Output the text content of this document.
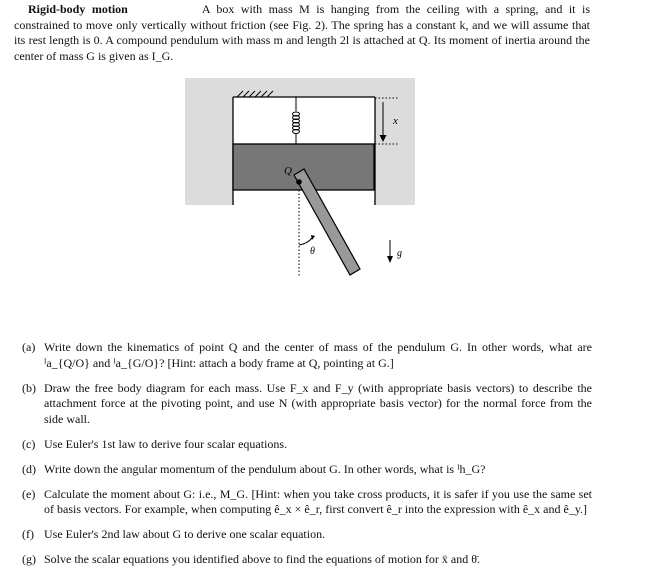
Rigid-body motion	A box with mass M is hanging from the ceiling with a spring, and it is constrained to move only vertically without friction (see Fig. 2). The spring has a constant k, and we will assume that its rest length is 0. A compound pendulum with mass m and length 2l is attached at Q. Its moment of inertia around the center of mass G is given as I_G.
x
Q
θ	g
(a) Write down the kinematics of point Q and the center of mass of the pendulum G. In other words, what are ᴵa_{Q/O} and ᴵa_{G/O}? [Hint: attach a body frame at Q, pointing at G.]
(b) Draw the free body diagram for each mass. Use F_x and F_y (with appropriate basis vectors) to describe the attachment force at the pivoting point, and use N (with appropriate basis vector) for the normal force from the side wall.
(c) Use Euler's 1st law to derive four scalar equations.
(d) Write down the angular momentum of the pendulum about G. In other words, what is ᴵh_G?
(e) Calculate the moment about G: i.e., M_G. [Hint: when you take cross products, it is safer if you use the same set of basis vectors. For example, when computing ê_x × ê_r, first convert ê_r into the expression with ê_x and ê_y.]
(f) Use Euler's 2nd law about G to derive one scalar equation.
(g) Solve the scalar equations you identified above to find the equations of motion for ẍ and θ̈.
